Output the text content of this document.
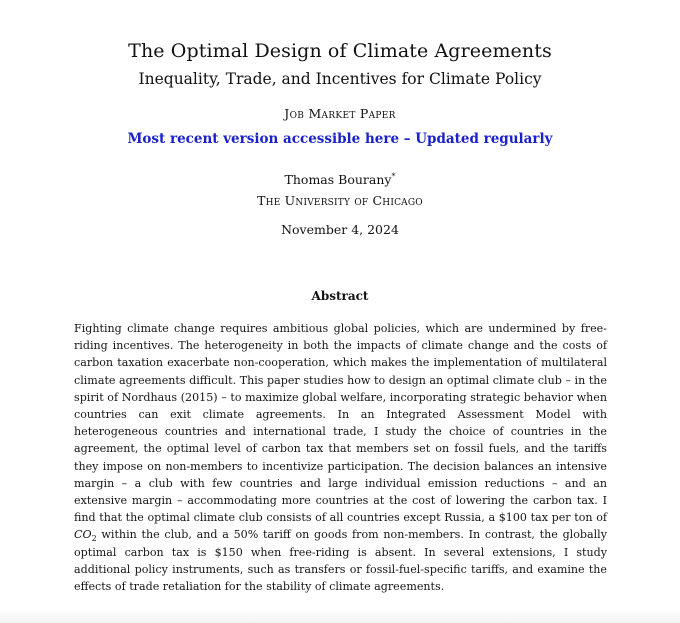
The Optimal Design of Climate Agreements
Inequality, Trade, and Incentives for Climate Policy
Job Market Paper
Most recent version accessible here – Updated regularly
Thomas Bourany*
The University of Chicago
November 4, 2024
Abstract
Fighting climate change requires ambitious global policies, which are undermined by free-riding incentives. The heterogeneity in both the impacts of climate change and the costs of carbon taxation exacerbate non-cooperation, which makes the implementation of multilateral climate agreements difficult. This paper studies how to design an optimal climate club – in the spirit of Nordhaus (2015) – to maximize global welfare, incorporating strategic behavior when countries can exit climate agreements. In an Integrated Assessment Model with heterogeneous countries and international trade, I study the choice of countries in the agreement, the optimal level of carbon tax that members set on fossil fuels, and the tariffs they impose on non-members to incentivize participation. The decision balances an intensive margin – a club with few countries and large individual emission reductions – and an extensive margin – accommodating more countries at the cost of lowering the carbon tax. I find that the optimal climate club consists of all countries except Russia, a $100 tax per ton of $CO_2$ within the club, and a 50% tariff on goods from non-members. In contrast, the globally optimal carbon tax is $150 when free-riding is absent. In several extensions, I study additional policy instruments, such as transfers or fossil-fuel-specific tariffs, and examine the effects of trade retaliation for the stability of climate agreements.
